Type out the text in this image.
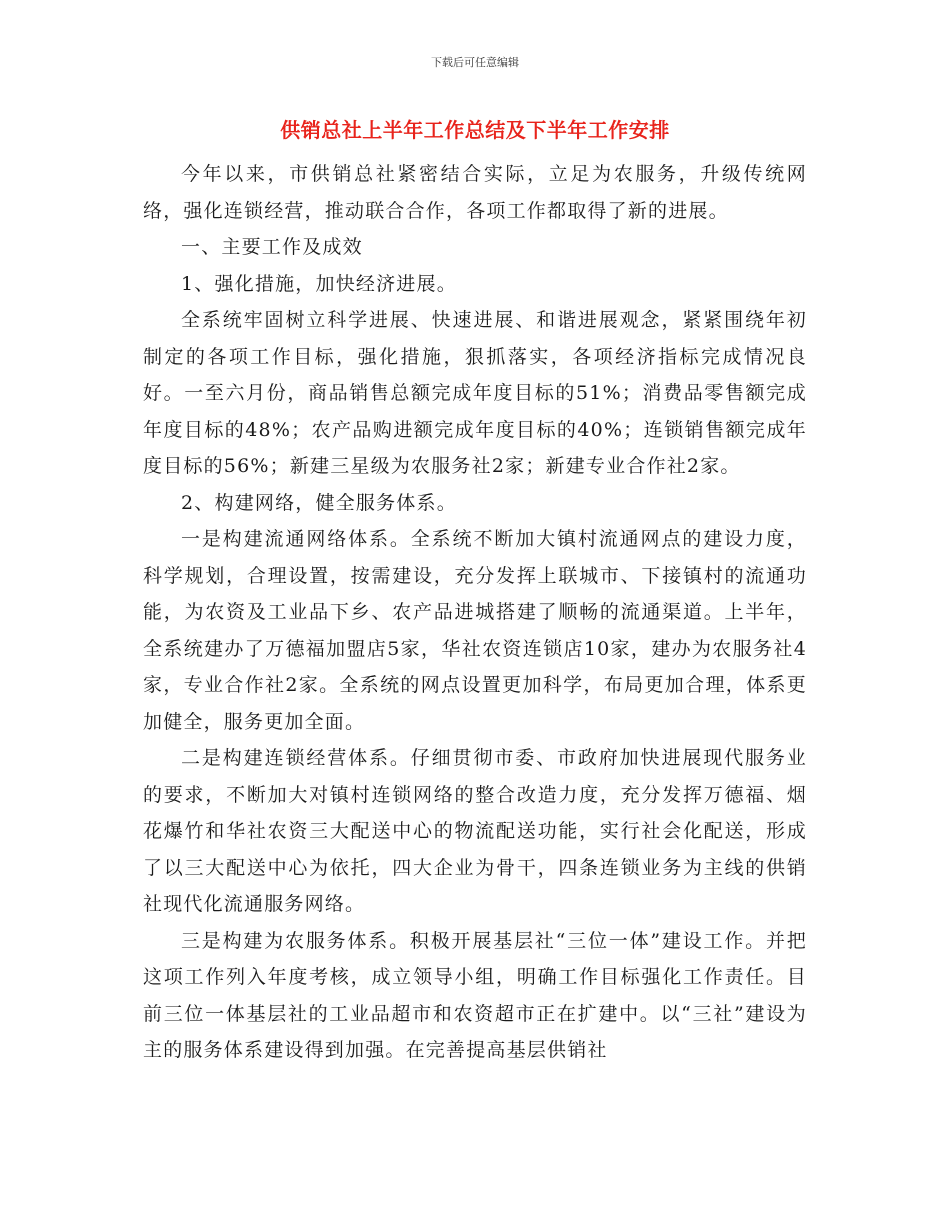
下载后可任意编辑
供销总社上半年工作总结及下半年工作安排

今年以来，市供销总社紧密结合实际，立足为农服务，升级传统网络，强化连锁经营，推动联合合作，各项工作都取得了新的进展。

一、主要工作及成效

1、强化措施，加快经济进展。

全系统牢固树立科学进展、快速进展、和谐进展观念，紧紧围绕年初制定的各项工作目标，强化措施，狠抓落实，各项经济指标完成情况良好。一至六月份，商品销售总额完成年度目标的51%；消费品零售额完成年度目标的48%；农产品购进额完成年度目标的40%；连锁销售额完成年度目标的56%；新建三星级为农服务社2家；新建专业合作社2家。

2、构建网络，健全服务体系。

一是构建流通网络体系。全系统不断加大镇村流通网点的建设力度，科学规划，合理设置，按需建设，充分发挥上联城市、下接镇村的流通功能，为农资及工业品下乡、农产品进城搭建了顺畅的流通渠道。上半年，全系统建办了万德福加盟店5家，华社农资连锁店10家，建办为农服务社4家，专业合作社2家。全系统的网点设置更加科学，布局更加合理，体系更加健全，服务更加全面。

二是构建连锁经营体系。仔细贯彻市委、市政府加快进展现代服务业的要求，不断加大对镇村连锁网络的整合改造力度，充分发挥万德福、烟花爆竹和华社农资三大配送中心的物流配送功能，实行社会化配送，形成了以三大配送中心为依托，四大企业为骨干，四条连锁业务为主线的供销社现代化流通服务网络。

三是构建为农服务体系。积极开展基层社“三位一体”建设工作。并把这项工作列入年度考核，成立领导小组，明确工作目标强化工作责任。目前三位一体基层社的工业品超市和农资超市正在扩建中。以“三社”建设为主的服务体系建设得到加强。在完善提高基层供销社
